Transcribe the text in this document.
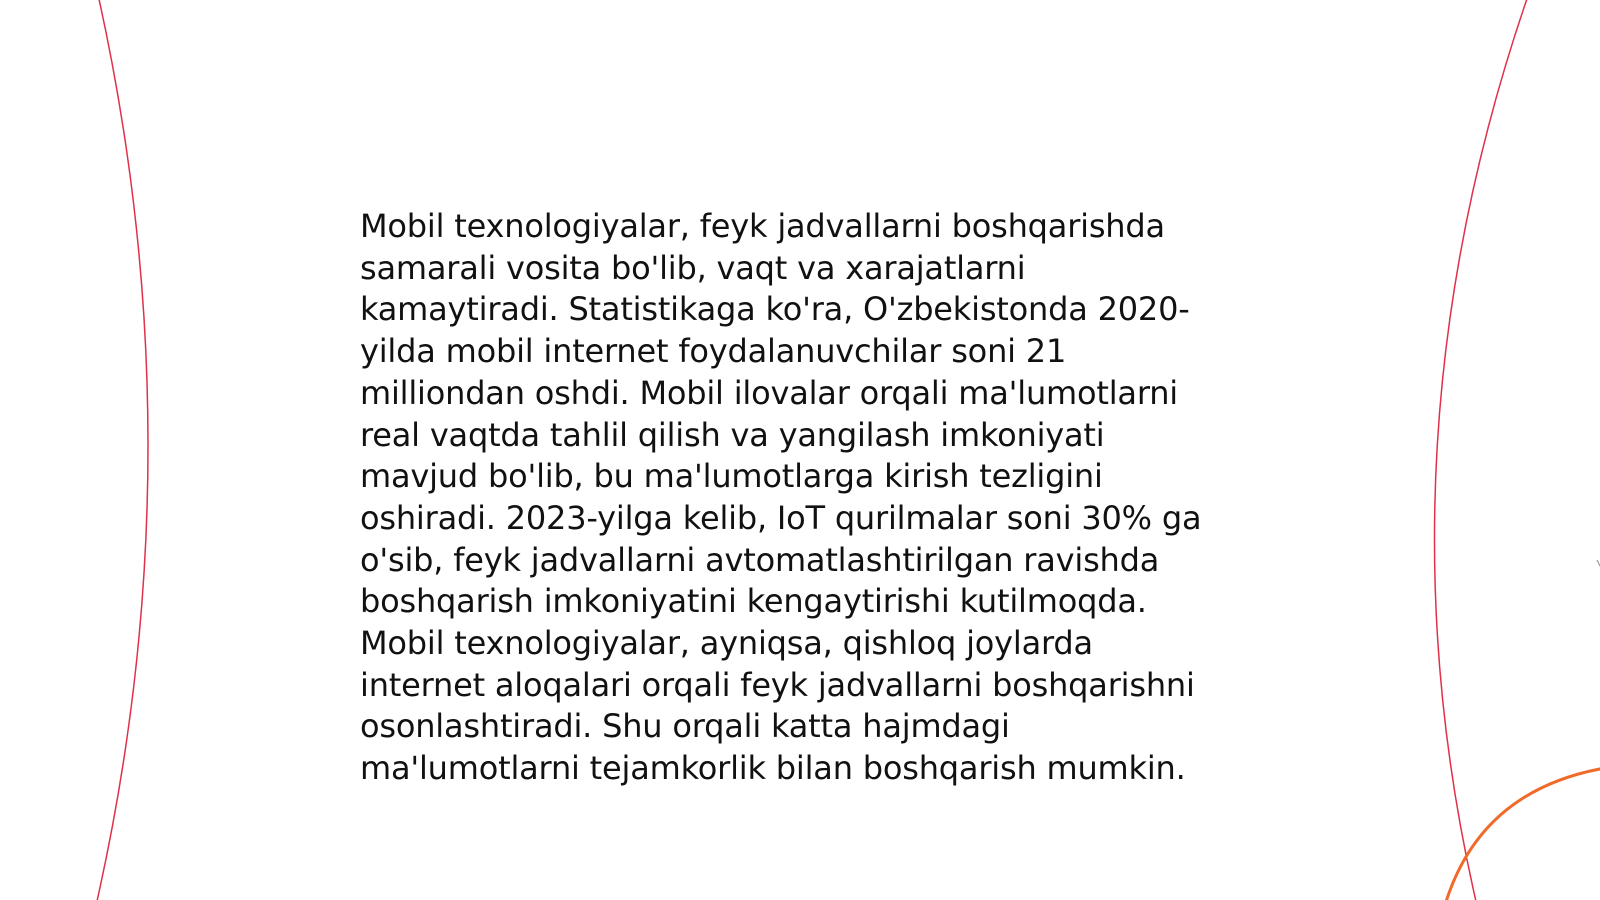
Mobil texnologiyalar, feyk jadvallarni boshqarishda
samarali vosita bo'lib, vaqt va xarajatlarni
kamaytiradi. Statistikaga ko'ra, O'zbekistonda 2020-
yilda mobil internet foydalanuvchilar soni 21
milliondan oshdi. Mobil ilovalar orqali ma'lumotlarni
real vaqtda tahlil qilish va yangilash imkoniyati
mavjud bo'lib, bu ma'lumotlarga kirish tezligini
oshiradi. 2023-yilga kelib, IoT qurilmalar soni 30% ga
o'sib, feyk jadvallarni avtomatlashtirilgan ravishda
boshqarish imkoniyatini kengaytirishi kutilmoqda.
Mobil texnologiyalar, ayniqsa, qishloq joylarda
internet aloqalari orqali feyk jadvallarni boshqarishni
osonlashtiradi. Shu orqali katta hajmdagi
ma'lumotlarni tejamkorlik bilan boshqarish mumkin.
